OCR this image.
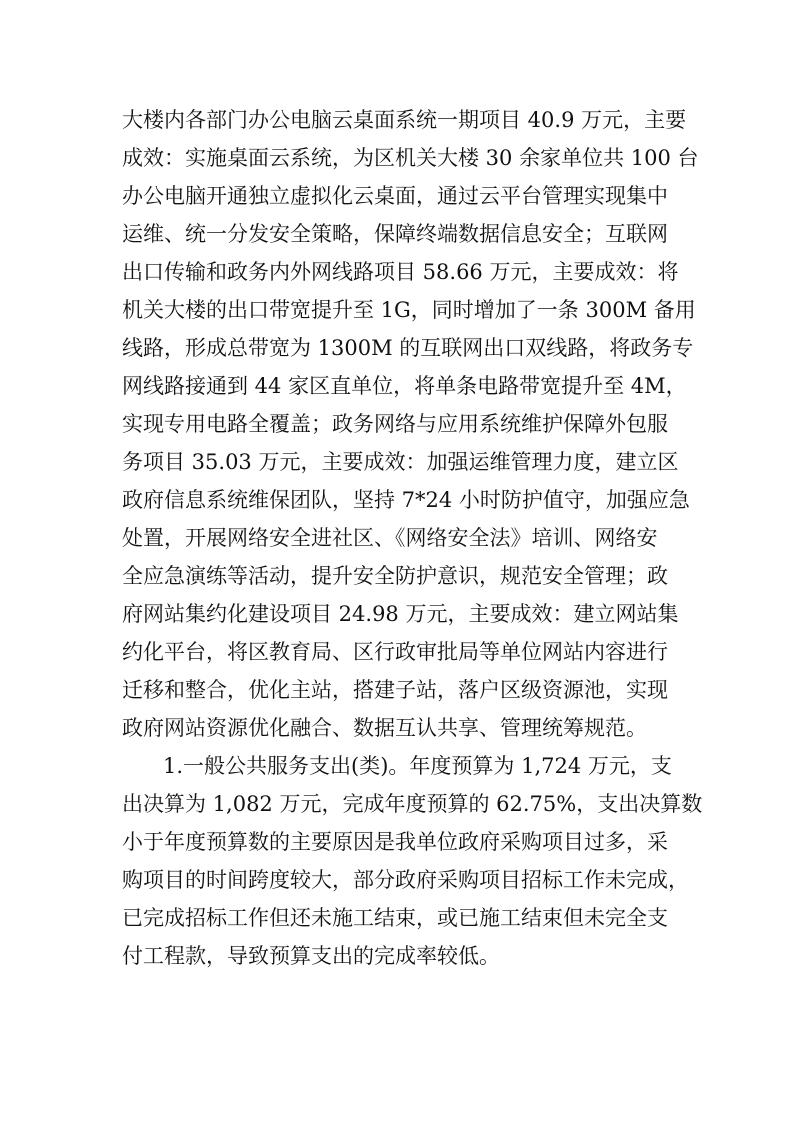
大楼内各部门办公电脑云桌面系统一期项目 40.9 万元，主要

成效：实施桌面云系统，为区机关大楼 30 余家单位共 100 台

办公电脑开通独立虚拟化云桌面，通过云平台管理实现集中

运维、统一分发安全策略，保障终端数据信息安全；互联网

出口传输和政务内外网线路项目 58.66 万元，主要成效：将

机关大楼的出口带宽提升至 1G，同时增加了一条 300M 备用

线路，形成总带宽为 1300M 的互联网出口双线路，将政务专

网线路接通到 44 家区直单位，将单条电路带宽提升至 4M，

实现专用电路全覆盖；政务网络与应用系统维护保障外包服

务项目 35.03 万元，主要成效：加强运维管理力度，建立区

政府信息系统维保团队，坚持 7*24 小时防护值守，加强应急

处置，开展网络安全进社区、《网络安全法》培训、网络安

全应急演练等活动，提升安全防护意识，规范安全管理；政

府网站集约化建设项目 24.98 万元，主要成效：建立网站集

约化平台，将区教育局、区行政审批局等单位网站内容进行

迁移和整合，优化主站，搭建子站，落户区级资源池，实现

政府网站资源优化融合、数据互认共享、管理统筹规范。

1.一般公共服务支出(类)。年度预算为 1,724 万元，支

出决算为 1,082 万元，完成年度预算的 62.75%，支出决算数

小于年度预算数的主要原因是我单位政府采购项目过多，采

购项目的时间跨度较大，部分政府采购项目招标工作未完成，

已完成招标工作但还未施工结束，或已施工结束但未完全支

付工程款，导致预算支出的完成率较低。
